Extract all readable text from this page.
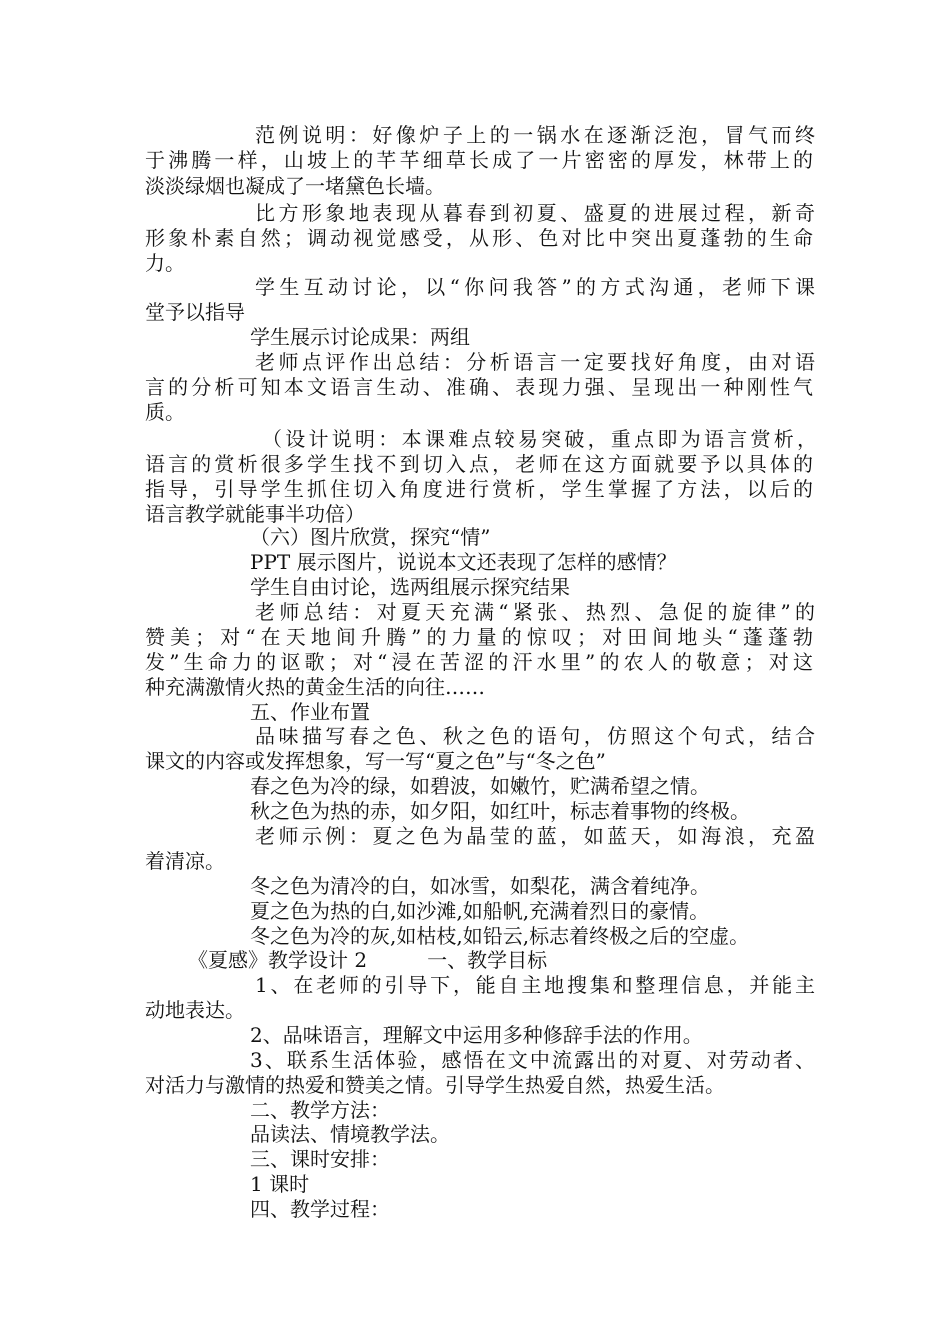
范例说明：好像炉子上的一锅水在逐渐泛泡，冒气而终
于沸腾一样，山坡上的芊芊细草长成了一片密密的厚发，林带上的
淡淡绿烟也凝成了一堵黛色长墙。
比方形象地表现从暮春到初夏、盛夏的进展过程，新奇
形象朴素自然；调动视觉感受，从形、色对比中突出夏蓬勃的生命
力。
学生互动讨论，以“你问我答”的方式沟通，老师下课
堂予以指导
学生展示讨论成果：两组
老师点评作出总结：分析语言一定要找好角度，由对语
言的分析可知本文语言生动、准确、表现力强、呈现出一种刚性气
质。
（设计说明：本课难点较易突破，重点即为语言赏析，
语言的赏析很多学生找不到切入点，老师在这方面就要予以具体的
指导，引导学生抓住切入角度进行赏析，学生掌握了方法，以后的
语言教学就能事半功倍）
（六）图片欣赏，探究“情”
PPT 展示图片，说说本文还表现了怎样的感情？
学生自由讨论，选两组展示探究结果
老师总结：对夏天充满“紧张、热烈、急促的旋律”的
赞美；对“在天地间升腾”的力量的惊叹；对田间地头“蓬蓬勃
发”生命力的讴歌；对“浸在苦涩的汗水里”的农人的敬意；对这
种充满激情火热的黄金生活的向往……
五、作业布置
品味描写春之色、秋之色的语句，仿照这个句式，结合
课文的内容或发挥想象，写一写“夏之色”与“冬之色”
春之色为冷的绿，如碧波，如嫩竹，贮满希望之情。
秋之色为热的赤，如夕阳，如红叶，标志着事物的终极。
老师示例：夏之色为晶莹的蓝，如蓝天，如海浪，充盈
着清凉。
冬之色为清冷的白，如冰雪，如梨花，满含着纯净。
夏之色为热的白,如沙滩,如船帆,充满着烈日的豪情。
冬之色为冷的灰,如枯枝,如铅云,标志着终极之后的空虚。
《夏感》教学设计 2　　　一、教学目标
1、在老师的引导下，能自主地搜集和整理信息，并能主
动地表达。
2、品味语言，理解文中运用多种修辞手法的作用。
3、联系生活体验，感悟在文中流露出的对夏、对劳动者、
对活力与激情的热爱和赞美之情。引导学生热爱自然，热爱生活。
二、教学方法：
品读法、情境教学法。
三、课时安排：
1 课时
四、教学过程：
